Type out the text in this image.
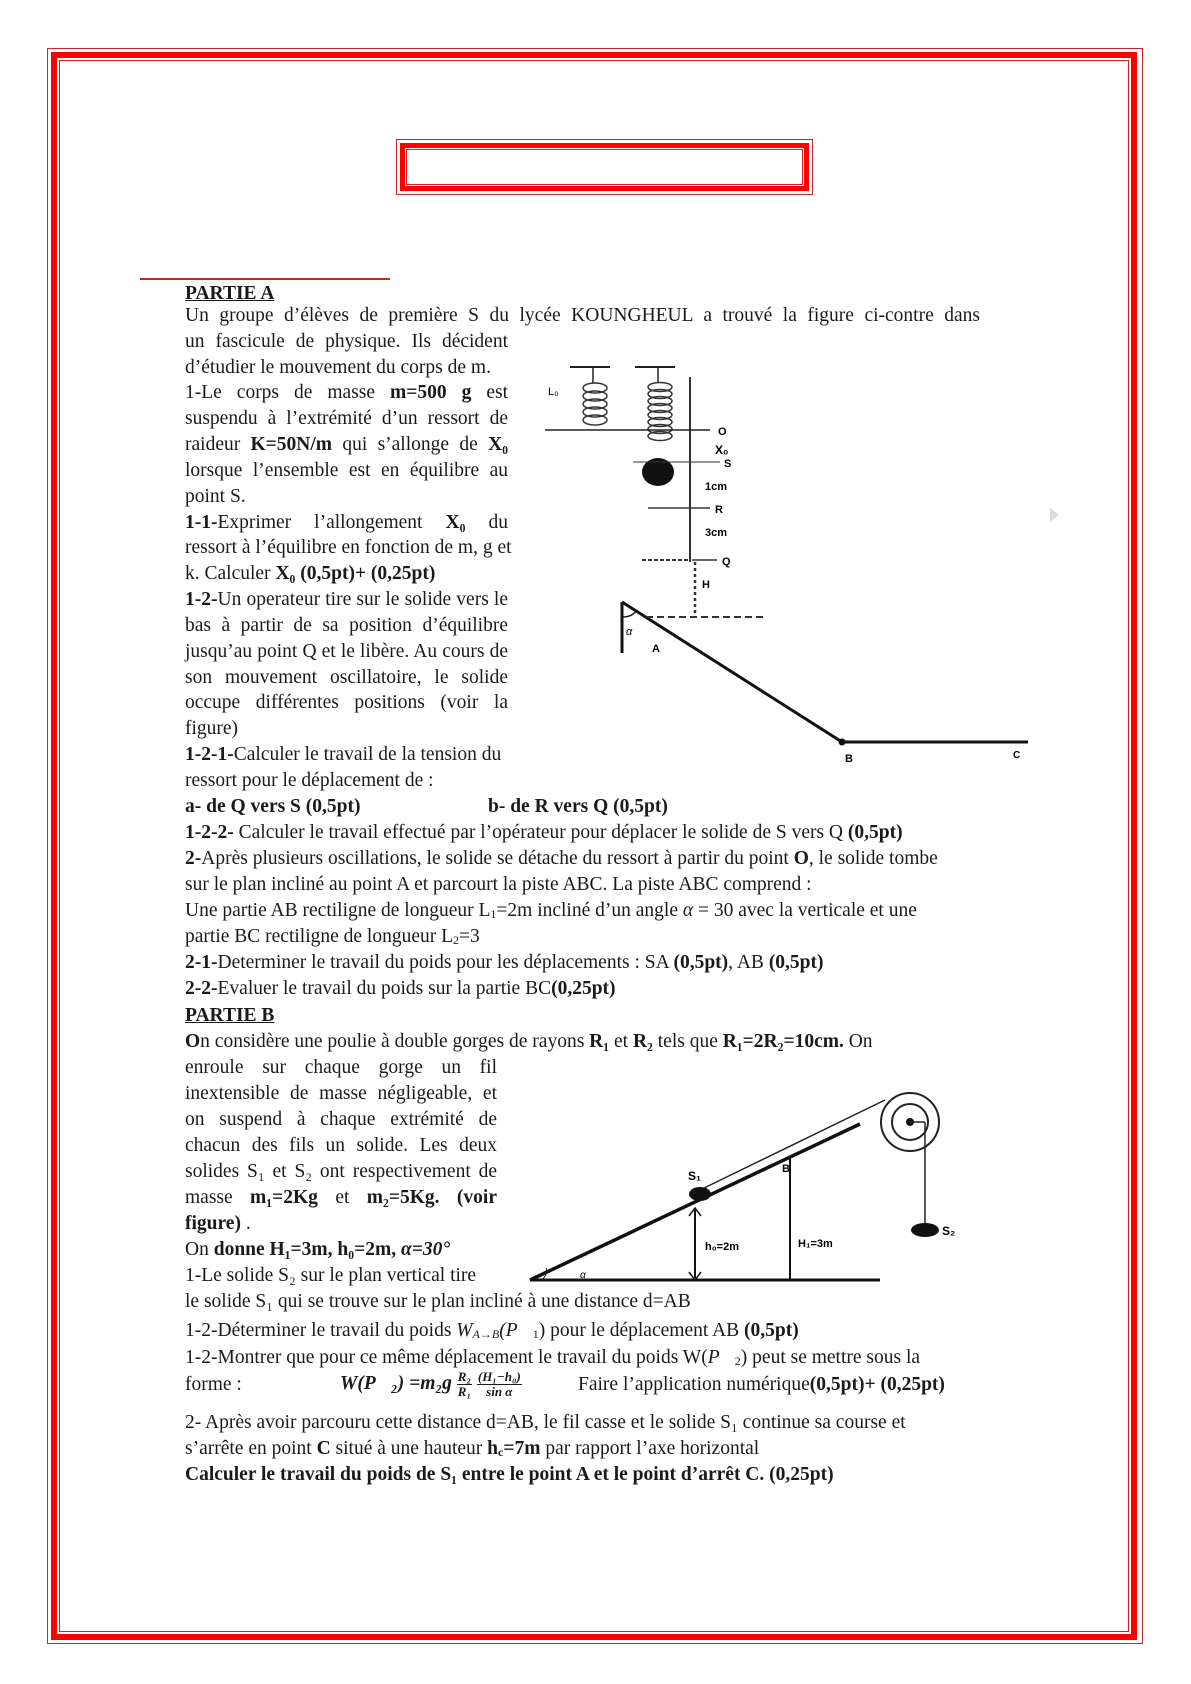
PARTIE A
Un groupe d’élèves de première S du lycée KOUNGHEUL a trouvé la figure ci-contre dans
un fascicule de physique. Ils décident
d’étudier le mouvement du corps de m.
1-Le corps de masse m=500 g est
suspendu à l’extrémité d’un ressort de
raideur K=50N/m qui s’allonge de X₀
lorsque l’ensemble est en équilibre au
point S.
1-1-Exprimer l’allongement X₀ du
ressort à l’équilibre en fonction de m, g et
k. Calculer X₀ (0,5pt)+ (0,25pt)
1-2-Un operateur tire sur le solide vers le
bas à partir de sa position d’équilibre
jusqu’au point Q et le libère. Au cours de
son mouvement oscillatoire, le solide
occupe différentes positions (voir la
figure)
1-2-1-Calculer le travail de la tension du
ressort pour le déplacement de :
a- de Q vers S (0,5pt)	b- de R vers Q (0,5pt)
1-2-2- Calculer le travail effectué par l’opérateur pour déplacer le solide de S vers Q (0,5pt)
2-Après plusieurs oscillations, le solide se détache du ressort à partir du point O, le solide tombe
sur le plan incliné au point A et parcourt la piste ABC. La piste ABC comprend :
Une partie AB rectiligne de longueur $L_1=2m$ incliné d’un angle α = 30 avec la verticale et une
partie BC rectiligne de longueur $L_2=3$
2-1-Determiner le travail du poids pour les déplacements : SA (0,5pt), AB (0,5pt)
2-2-Evaluer le travail du poids sur la partie BC(0,25pt)
L₀
O
X₀
S
1cm
R
3cm
Q
H
α
A
B	C
PARTIE B
On considère une poulie à double gorges de rayons R₁ et R₂ tels que R₁=2R₂=10cm. On
enroule sur chaque gorge un fil
inextensible de masse négligeable, et
on suspend à chaque extrémité de
chacun des fils un solide. Les deux
solides S₁ et S₂ ont respectivement de
masse m₁=2Kg et m₂=5Kg. (voir
figure) .
On donne H₁=3m, h₀=2m, α=30°
1-Le solide S₂ sur le plan vertical tire
le solide S₁ qui se trouve sur le plan incliné à une distance d=AB
1-2-Déterminer le travail du poids $W_{A\to B}(P⃗_1)$ pour le déplacement AB (0,5pt)
1-2-Montrer que pour ce même déplacement le travail du poids $W(P⃗_2)$ peut se mettre sous la
forme :	W(P⃗₂) $=m_2g \frac{\text{R₂}}{\text{R₁}}$
$\frac{\text{(H₁−h₀)}}{\text{sin α}}$	Faire l’application numérique(0,5pt)+ (0,25pt)
2- Après avoir parcouru cette distance d=AB, le fil casse et le solide S₁ continue sa course et
s’arrête en point C situé à une hauteur $h_c=7m$ par rapport l’axe horizontal
Calculer le travail du poids de S₁ entre le point A et le point d’arrêt C. (0,25pt)
α
S₂
S₁
h₀=2m
B
H₁=3m
